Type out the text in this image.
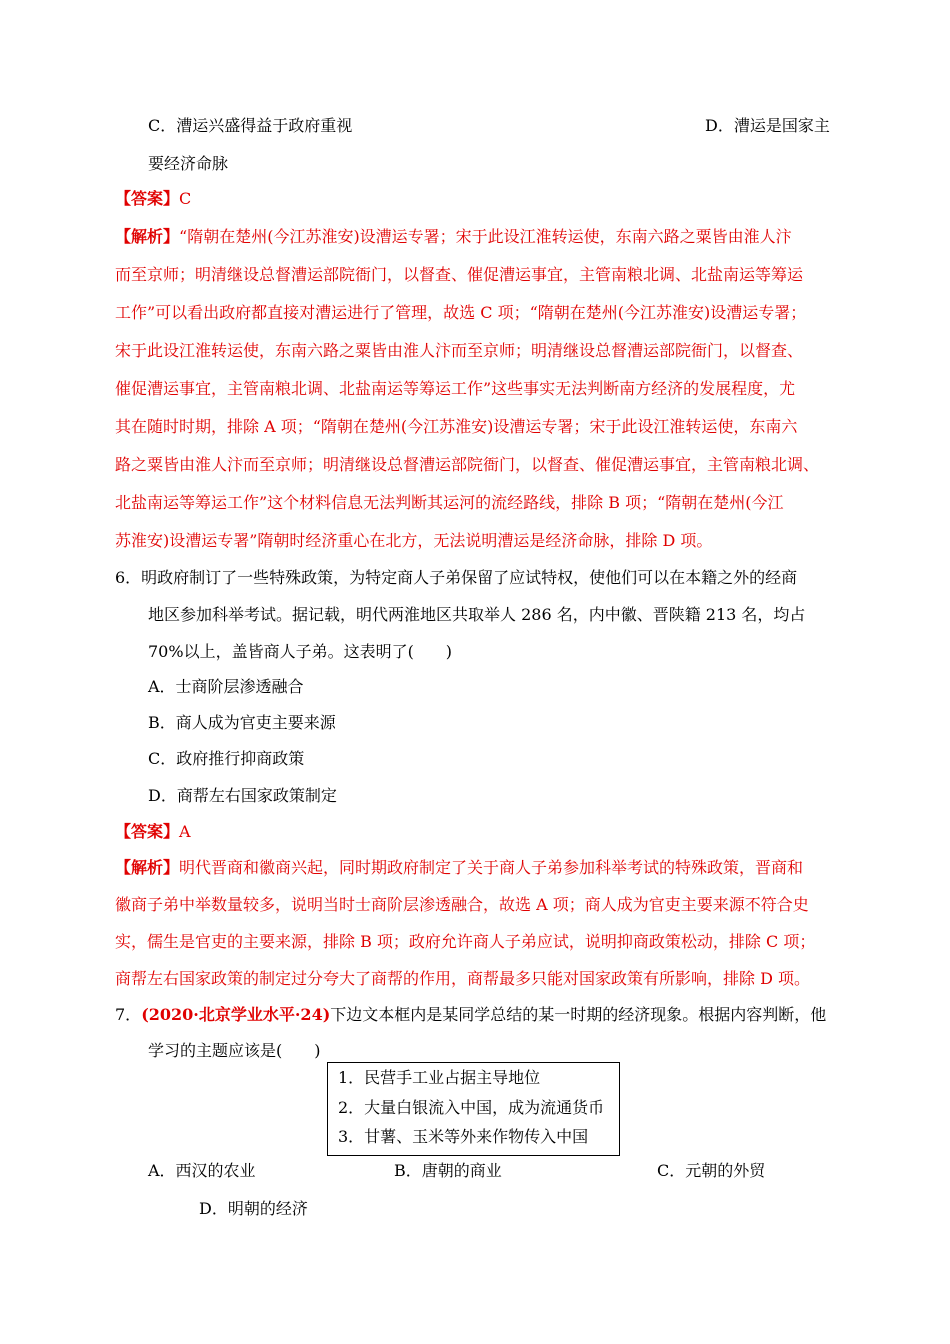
C．漕运兴盛得益于政府重视	D．漕运是国家主
要经济命脉
【答案】C
【解析】“隋朝在楚州(今江苏淮安)设漕运专署；宋于此设江淮转运使，东南六路之粟皆由淮人汴
而至京师；明清继设总督漕运部院衙门，以督查、催促漕运事宜，主管南粮北调、北盐南运等筹运
工作”可以看出政府都直接对漕运进行了管理，故选 C 项；“隋朝在楚州(今江苏淮安)设漕运专署；
宋于此设江淮转运使，东南六路之粟皆由淮人汴而至京师；明清继设总督漕运部院衙门，以督查、
催促漕运事宜，主管南粮北调、北盐南运等筹运工作”这些事实无法判断南方经济的发展程度，尤
其在随时时期，排除 A 项；“隋朝在楚州(今江苏淮安)设漕运专署；宋于此设江淮转运使，东南六
路之粟皆由淮人汴而至京师；明清继设总督漕运部院衙门，以督查、催促漕运事宜，主管南粮北调、
北盐南运等筹运工作”这个材料信息无法判断其运河的流经路线，排除 B 项；“隋朝在楚州(今江
苏淮安)设漕运专署”隋朝时经济重心在北方，无法说明漕运是经济命脉，排除 D 项。
6．明政府制订了一些特殊政策，为特定商人子弟保留了应试特权，使他们可以在本籍之外的经商
地区参加科举考试。据记载，明代两淮地区共取举人 286 名，内中徽、晋陕籍 213 名，均占
70%以上，盖皆商人子弟。这表明了(　　)
A．士商阶层渗透融合
B．商人成为官吏主要来源
C．政府推行抑商政策
D．商帮左右国家政策制定
【答案】A
【解析】明代晋商和徽商兴起，同时期政府制定了关于商人子弟参加科举考试的特殊政策，晋商和
徽商子弟中举数量较多，说明当时士商阶层渗透融合，故选 A 项；商人成为官吏主要来源不符合史
实，儒生是官吏的主要来源，排除 B 项；政府允许商人子弟应试，说明抑商政策松动，排除 C 项；
商帮左右国家政策的制定过分夸大了商帮的作用，商帮最多只能对国家政策有所影响，排除 D 项。
7．(2020·北京学业水平·24)下边文本框内是某同学总结的某一时期的经济现象。根据内容判断，他
学习的主题应该是(　　)
1．民营手工业占据主导地位
2．大量白银流入中国，成为流通货币
3．甘薯、玉米等外来作物传入中国
A．西汉的农业	B．唐朝的商业	C．元朝的外贸
D．明朝的经济
